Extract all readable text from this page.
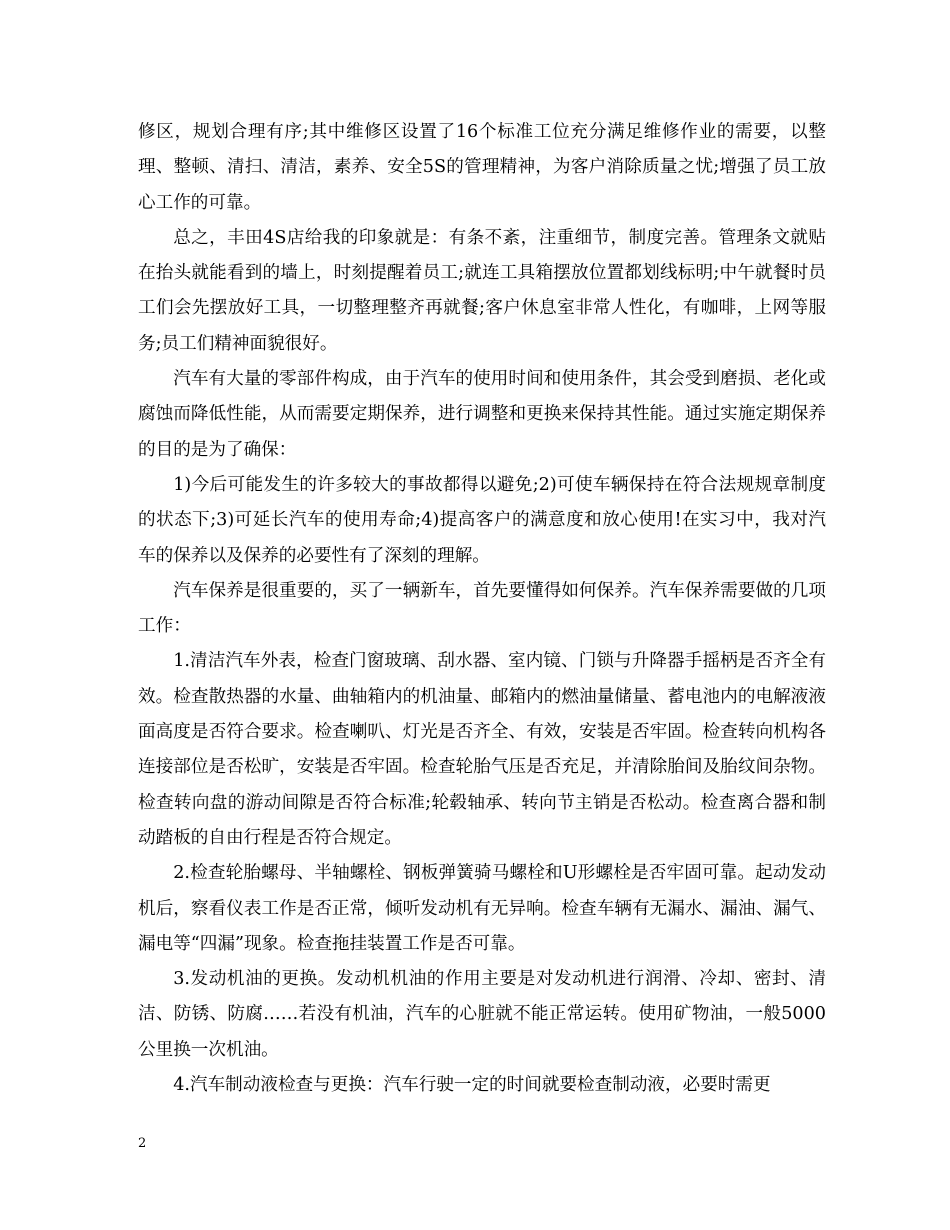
修区，规划合理有序;其中维修区设置了16个标准工位充分满足维修作业的需要，以整理、整顿、清扫、清洁，素养、安全5S的管理精神，为客户消除质量之忧;增强了员工放心工作的可靠。

总之，丰田4S店给我的印象就是：有条不紊，注重细节，制度完善。管理条文就贴在抬头就能看到的墙上，时刻提醒着员工;就连工具箱摆放位置都划线标明;中午就餐时员工们会先摆放好工具，一切整理整齐再就餐;客户休息室非常人性化，有咖啡，上网等服务;员工们精神面貌很好。

汽车有大量的零部件构成，由于汽车的使用时间和使用条件，其会受到磨损、老化或腐蚀而降低性能，从而需要定期保养，进行调整和更换来保持其性能。通过实施定期保养的目的是为了确保：

1)今后可能发生的许多较大的事故都得以避免;2)可使车辆保持在符合法规规章制度的状态下;3)可延长汽车的使用寿命;4)提高客户的满意度和放心使用!在实习中，我对汽车的保养以及保养的必要性有了深刻的理解。

汽车保养是很重要的，买了一辆新车，首先要懂得如何保养。汽车保养需要做的几项工作：

1.清洁汽车外表，检查门窗玻璃、刮水器、室内镜、门锁与升降器手摇柄是否齐全有效。检查散热器的水量、曲轴箱内的机油量、邮箱内的燃油量储量、蓄电池内的电解液液面高度是否符合要求。检查喇叭、灯光是否齐全、有效，安装是否牢固。检查转向机构各连接部位是否松旷，安装是否牢固。检查轮胎气压是否充足，并清除胎间及胎纹间杂物。检查转向盘的游动间隙是否符合标准;轮毂轴承、转向节主销是否松动。检查离合器和制动踏板的自由行程是否符合规定。

2.检查轮胎螺母、半轴螺栓、钢板弹簧骑马螺栓和U形螺栓是否牢固可靠。起动发动机后，察看仪表工作是否正常，倾听发动机有无异响。检查车辆有无漏水、漏油、漏气、漏电等“四漏”现象。检查拖挂装置工作是否可靠。

3.发动机油的更换。发动机机油的作用主要是对发动机进行润滑、冷却、密封、清洁、防锈、防腐……若没有机油，汽车的心脏就不能正常运转。使用矿物油，一般5000公里换一次机油。

4.汽车制动液检查与更换：汽车行驶一定的时间就要检查制动液，必要时需更

2
